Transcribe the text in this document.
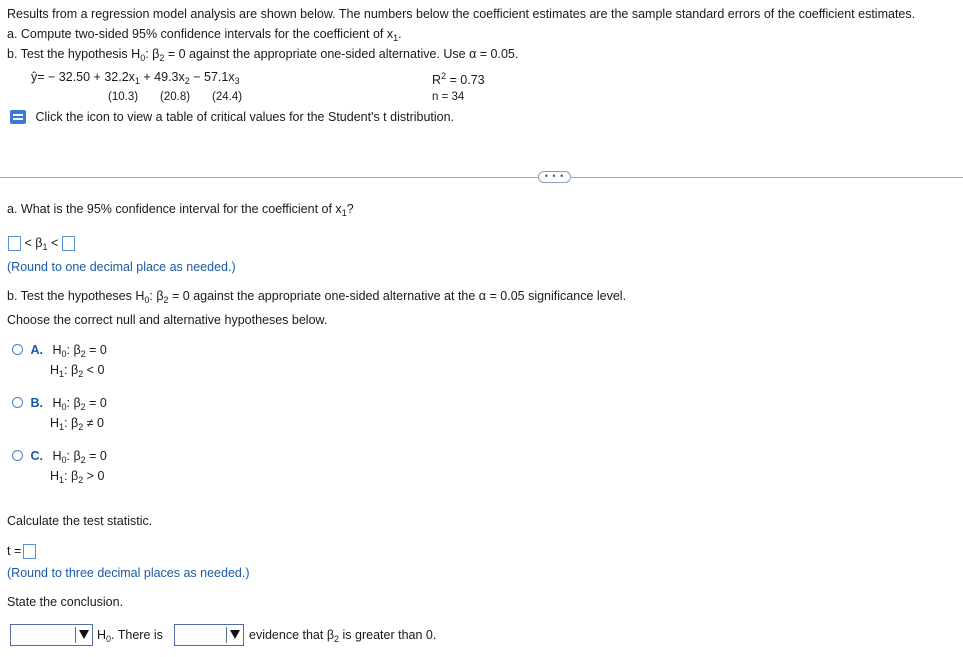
Results from a regression model analysis are shown below. The numbers below the coefficient estimates are the sample standard errors of the coefficient estimates.
a. Compute two-sided 95% confidence intervals for the coefficient of $x_1$.
b. Test the hypothesis $H_0$: $\beta_2 = 0$ against the appropriate one-sided alternative. Use α = 0.05.
ŷ= − $32.50 + 32.2x_1 + 49.3x_2 - 57.1x_3$
(10.3) (20.8) (24.4)
$R^2 = 0.73$
n = 34
Click the icon to view a table of critical values for the Student's t distribution.
• • •
a. What is the 95% confidence interval for the coefficient of $x_1$?
< $\beta_1$ <
(Round to one decimal place as needed.)
b. Test the hypotheses $H_0$: $\beta_2 = 0$ against the appropriate one-sided alternative at the α = 0.05 significance level.
Choose the correct null and alternative hypotheses below.
A. $H_0$: $\beta_2 = 0$
$H_1$: $\beta_2 < 0$
B. $H_0$: $\beta_2 = 0$
$H_1$: $\beta_2 \ne 0$
C. $H_0$: $\beta_2 = 0$
$H_1$: $\beta_2 > 0$
Calculate the test statistic.
t =
(Round to three decimal places as needed.)
State the conclusion.
$H_0$. There is	evidence that $\beta_2$ is greater than 0.
